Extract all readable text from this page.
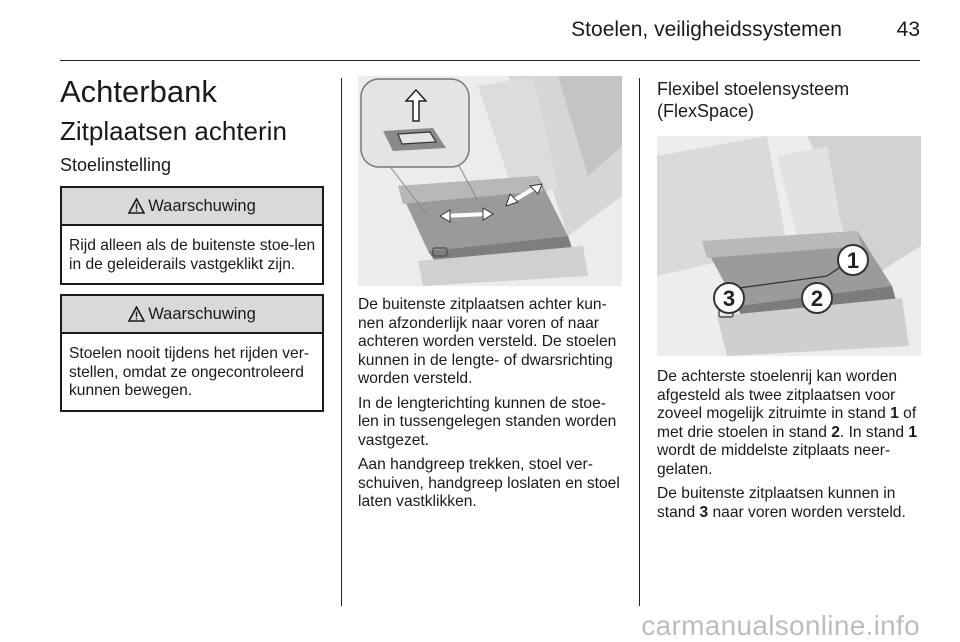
Stoelen, veiligheidssystemen	43
Achterbank
Zitplaatsen achterin
Stoelinstelling
Waarschuwing
Rijd alleen als de buitenste stoe-len in de geleiderails vastgeklikt zijn.
Waarschuwing
Stoelen nooit tijdens het rijden ver-stellen, omdat ze ongecontroleerd kunnen bewegen.

De buitenste zitplaatsen achter kun-nen afzonderlijk naar voren of naar achteren worden versteld. De stoelen kunnen in de lengte- of dwarsrichting worden versteld.

In de lengterichting kunnen de stoe-len in tussengelegen standen worden vastgezet.

Aan handgreep trekken, stoel ver-schuiven, handgreep loslaten en stoel laten vastklikken.

Flexibel stoelensysteem (FlexSpace)
1
2
3

De achterste stoelenrij kan worden afgesteld als twee zitplaatsen voor zoveel mogelijk zitruimte in stand 1 of met drie stoelen in stand 2. In stand 1 wordt de middelste zitplaats neer-gelaten.

De buitenste zitplaatsen kunnen in stand 3 naar voren worden versteld.

carmanualsonline.info
